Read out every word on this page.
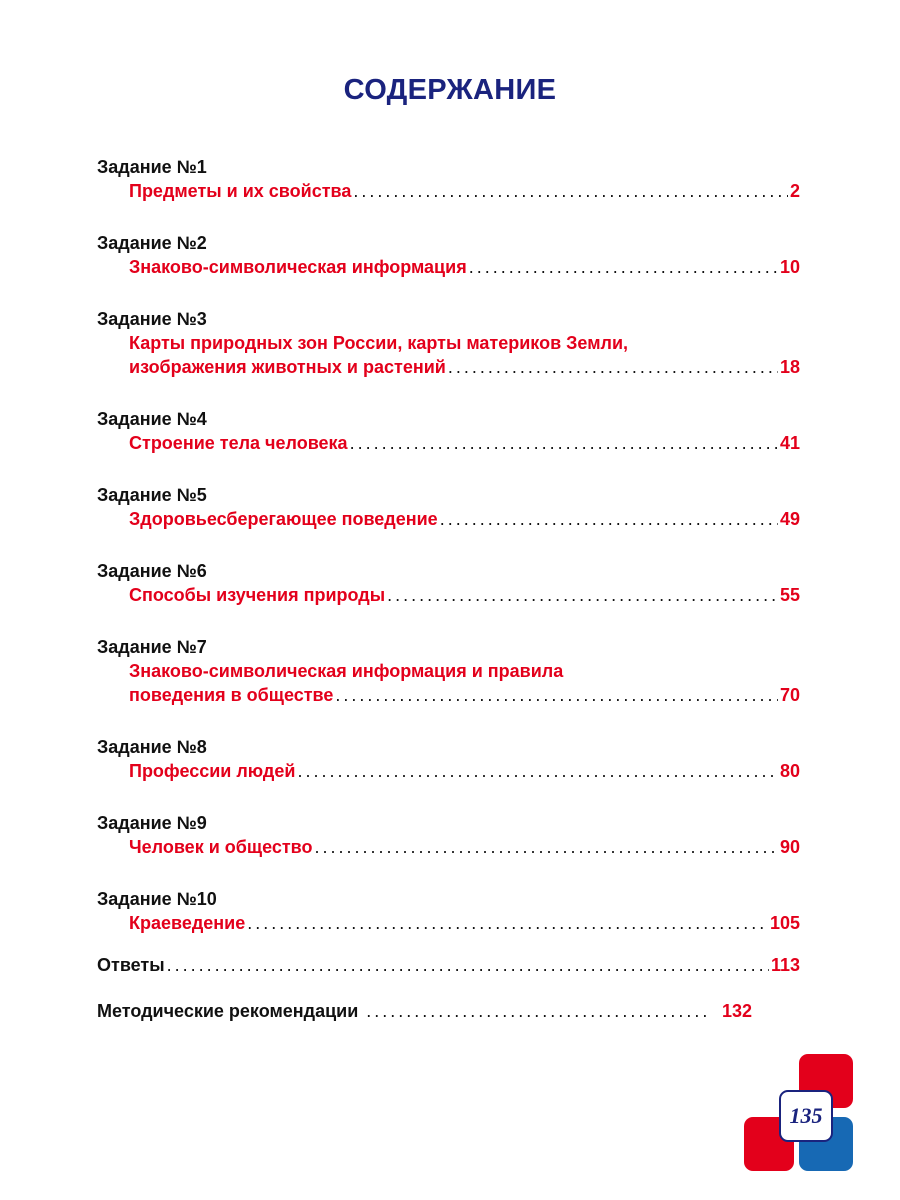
СОДЕРЖАНИЕ
Задание №1
Предметы и их свойства .....	2
Задание №2
Знаково-символическая информация .....	10
Задание №3
Карты природных зон России, карты материков Земли,
изображения животных и растений .....	18
Задание №4
Строение тела человека .....	41
Задание №5
Здоровьесберегающее поведение .....	49
Задание №6
Способы изучения природы .....	55
Задание №7
Знаково-символическая информация и правила
поведения в обществе .....	70
Задание №8
Профессии людей .....	80
Задание №9
Человек и общество .....	90
Задание №10
Краеведение .....	105
Ответы .....	113
Методические рекомендации .....	132
135
